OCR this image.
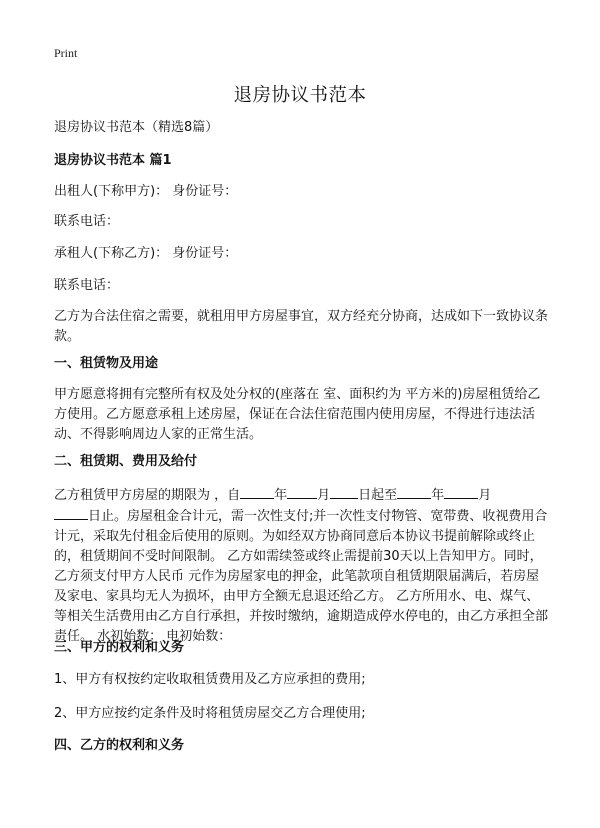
Print
退房协议书范本
退房协议书范本（精选8篇）
退房协议书范本 篇1
出租人(下称甲方)： 身份证号：
联系电话：
承租人(下称乙方)： 身份证号：
联系电话：
乙方为合法住宿之需要，就租用甲方房屋事宜，双方经充分协商，达成如下一致协议条款。
一、租赁物及用途
甲方愿意将拥有完整所有权及处分权的(座落在 室、面积约为 平方米的)房屋租赁给乙方使用。乙方愿意承租上述房屋，保证在合法住宿范围内使用房屋，不得进行违法活动、不得影响周边人家的正常生活。
二、租赁期、费用及给付
乙方租赁甲方房屋的期限为 ，自	年 月 日起至	年	月
日止。房屋租金合计元，需一次性支付;并一次性支付物管、宽带费、收视费用合计元，采取先付租金后使用的原则。为如经双方协商同意后本协议书提前解除或终止的，租赁期间不受时间限制。 乙方如需续签或终止需提前30天以上告知甲方。同时，乙方须支付甲方人民币 元作为房屋家电的押金，此笔款项自租赁期限届满后，若房屋及家电、家具均无人为损坏，由甲方全额无息退还给乙方。 乙方所用水、电、煤气、等相关生活费用由乙方自行承担，并按时缴纳，逾期造成停水停电的，由乙方承担全部责任。 水初始数： 电初始数：
三、甲方的权利和义务
1、甲方有权按约定收取租赁费用及乙方应承担的费用;
2、甲方应按约定条件及时将租赁房屋交乙方合理使用;
四、乙方的权利和义务
